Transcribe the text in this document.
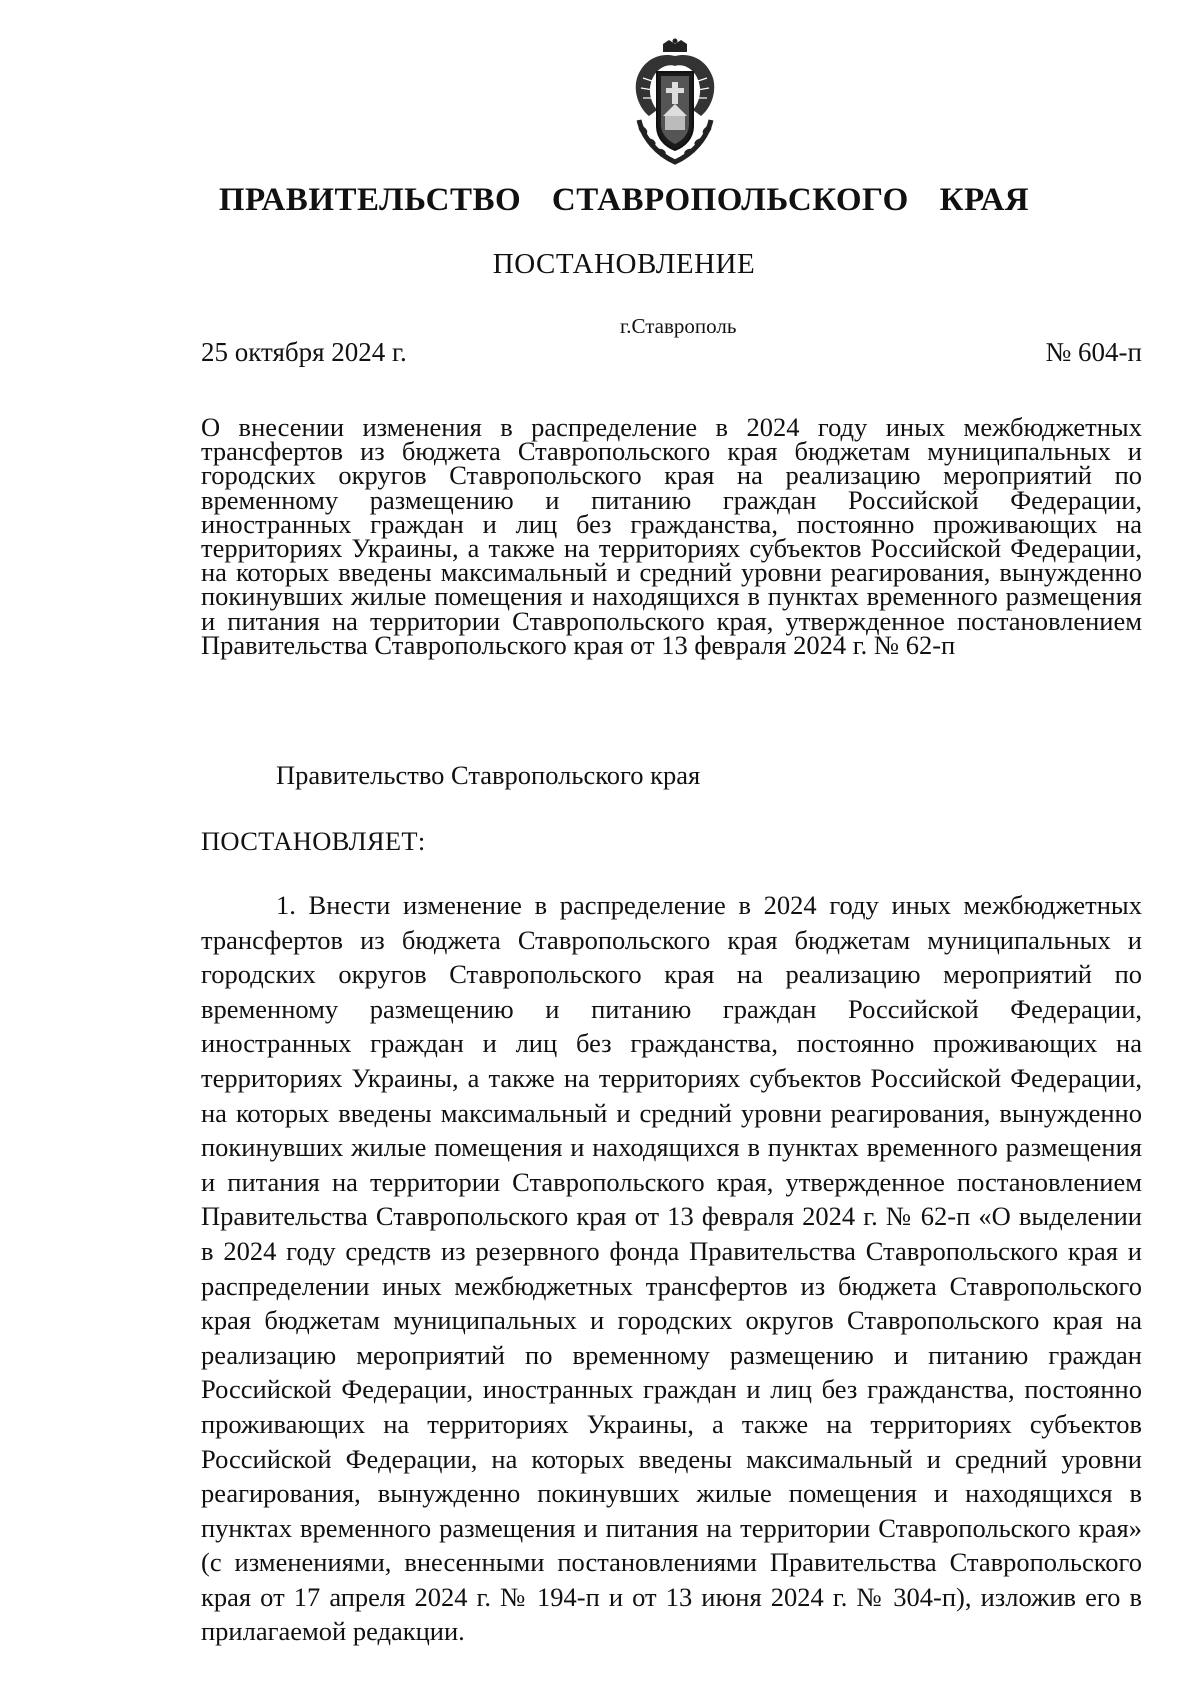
ПРАВИТЕЛЬСТВО СТАВРОПОЛЬСКОГО КРАЯ
ПОСТАНОВЛЕНИЕ
г.Ставрополь
25 октября 2024 г.	№ 604-п
О внесении изменения в распределение в 2024 году иных межбюджетных трансфертов из бюджета Ставропольского края бюджетам муниципальных и городских округов Ставропольского края на реализацию мероприятий по временному размещению и питанию граждан Российской Федерации, иностранных граждан и лиц без гражданства, постоянно проживающих на территориях Украины, а также на территориях субъектов Российской Федерации, на которых введены максимальный и средний уровни реагирования, вынужденно покинувших жилые помещения и находящихся в пунктах временного размещения и питания на территории Ставропольского края, утвержденное постановлением Правительства Ставропольского края от 13 февраля 2024 г. № 62-п
Правительство Ставропольского края
ПОСТАНОВЛЯЕТ:
1. Внести изменение в распределение в 2024 году иных межбюджетных трансфертов из бюджета Ставропольского края бюджетам муниципальных и городских округов Ставропольского края на реализацию мероприятий по временному размещению и питанию граждан Российской Федерации, иностранных граждан и лиц без гражданства, постоянно проживающих на территориях Украины, а также на территориях субъектов Российской Федерации, на которых введены максимальный и средний уровни реагирования, вынужденно покинувших жилые помещения и находящихся в пунктах временного размещения и питания на территории Ставропольского края, утвержденное постановлением Правительства Ставропольского края от 13 февраля 2024 г. № 62-п «О выделении в 2024 году средств из резервного фонда Правительства Ставропольского края и распределении иных межбюджетных трансфертов из бюджета Ставропольского края бюджетам муниципальных и городских округов Ставропольского края на реализацию мероприятий по временному размещению и питанию граждан Российской Федерации, иностранных граждан и лиц без гражданства, постоянно проживающих на территориях Украины, а также на территориях субъектов Российской Федерации, на которых введены максимальный и средний уровни реагирования, вынужденно покинувших жилые помещения и находящихся в пунктах временного размещения и питания на территории Ставропольского края» (с изменениями, внесенными постановлениями Правительства Ставропольского края от 17 апреля 2024 г. № 194-п и от 13 июня 2024 г. № 304-п), изложив его в прилагаемой редакции.
